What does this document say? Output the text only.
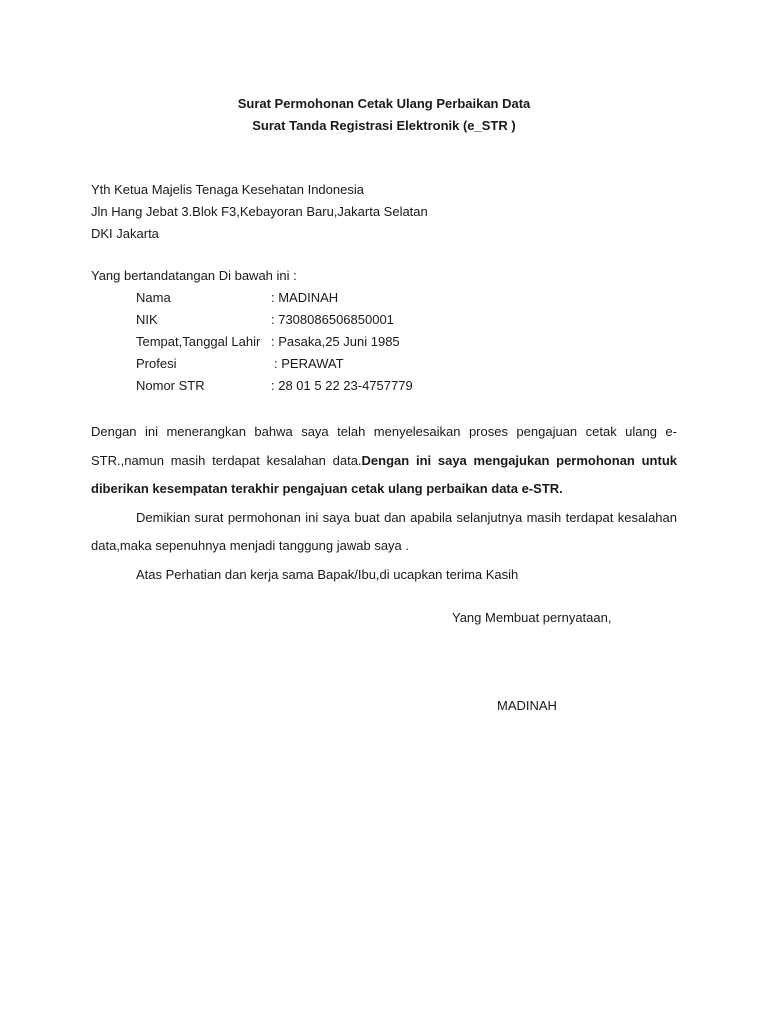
Surat Permohonan Cetak Ulang Perbaikan Data
Surat Tanda Registrasi Elektronik (e_STR )
Yth Ketua Majelis Tenaga Kesehatan Indonesia
Jln Hang Jebat 3.Blok F3,Kebayoran Baru,Jakarta Selatan
DKI Jakarta
Yang bertandatangan Di bawah ini :
Nama	: MADINAH
NIK	: 7308086506850001
Tempat,Tanggal Lahir : Pasaka,25 Juni 1985
Profesi	: PERAWAT
Nomor STR	: 28 01 5 22 23-4757779

Dengan ini menerangkan bahwa saya telah menyelesaikan proses pengajuan cetak ulang e-STR.,namun masih terdapat kesalahan data.Dengan ini saya mengajukan permohonan untuk diberikan kesempatan terakhir pengajuan cetak ulang perbaikan data e-STR.

Demikian surat permohonan ini saya buat dan apabila selanjutnya masih terdapat kesalahan data,maka sepenuhnya menjadi tanggung jawab saya .

Atas Perhatian dan kerja sama Bapak/Ibu,di ucapkan terima Kasih

Yang Membuat pernyataan,
MADINAH
